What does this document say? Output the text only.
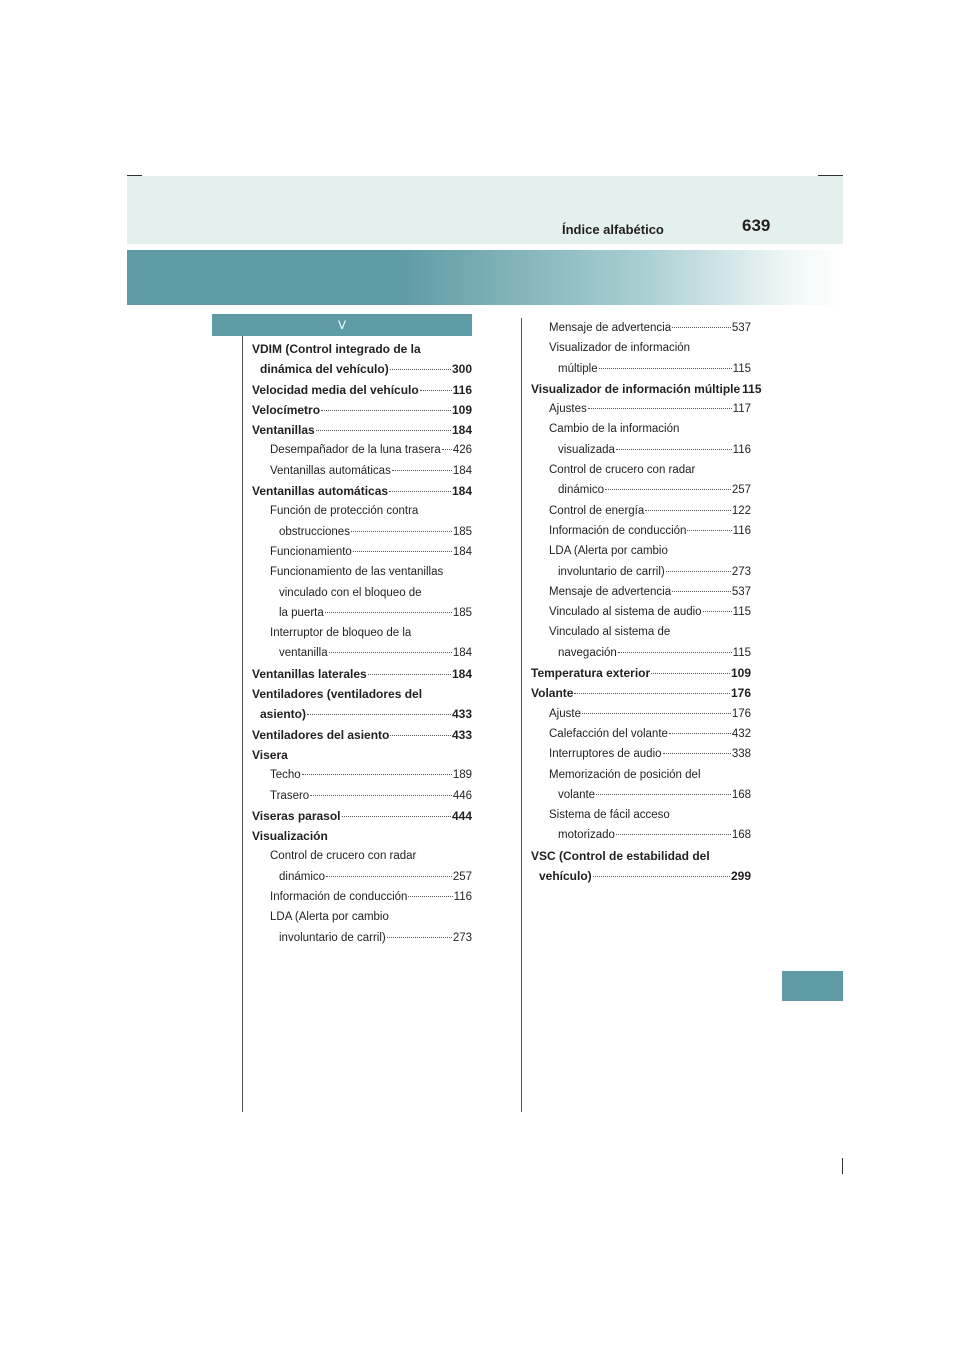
Índice alfabético	639
V
VDIM (Control integrado de la
dinámica del vehículo)	300
Velocidad media del vehículo	116
Velocímetro	109
Ventanillas	184
Desempañador de la luna trasera 426
Ventanillas automáticas	184
Ventanillas automáticas	184
Función de protección contra
obstrucciones	185
Funcionamiento	184
Funcionamiento de las ventanillas
vinculado con el bloqueo de
la puerta	185
Interruptor de bloqueo de la
ventanilla	184
Ventanillas laterales	184
Ventiladores (ventiladores del
asiento)	433
Ventiladores del asiento	433
Visera
Techo	189
Trasero	446
Viseras parasol	444
Visualización
Control de crucero con radar
dinámico	257
Información de conducción	116
LDA (Alerta por cambio
involuntario de carril)	273
Mensaje de advertencia	537
Visualizador de información
múltiple	115
Visualizador de información múltiple 115
Ajustes	117
Cambio de la información
visualizada	116
Control de crucero con radar
dinámico	257
Control de energía	122
Información de conducción	116
LDA (Alerta por cambio
involuntario de carril)	273
Mensaje de advertencia	537
Vinculado al sistema de audio	115
Vinculado al sistema de
navegación	115
Temperatura exterior	109
Volante	176
Ajuste	176
Calefacción del volante	432
Interruptores de audio	338
Memorización de posición del
volante	168
Sistema de fácil acceso
motorizado	168
VSC (Control de estabilidad del
vehículo)	299
